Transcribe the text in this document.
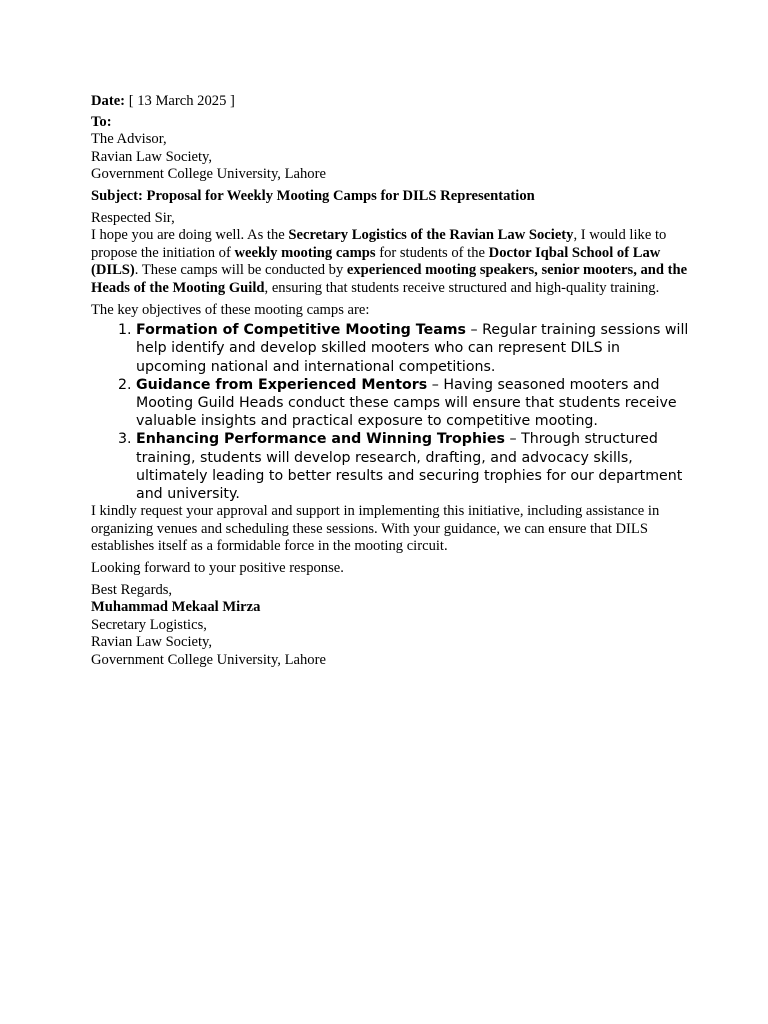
Date: [ 13 March 2025 ]
To:
The Advisor,
Ravian Law Society,
Government College University, Lahore
Subject: Proposal for Weekly Mooting Camps for DILS Representation
Respected Sir,

I hope you are doing well. As the Secretary Logistics of the Ravian Law Society, I would like to propose the initiation of weekly mooting camps for students of the Doctor Iqbal School of Law (DILS). These camps will be conducted by experienced mooting speakers, senior mooters, and the Heads of the Mooting Guild, ensuring that students receive structured and high-quality training.

The key objectives of these mooting camps are:
1. Formation of Competitive Mooting Teams – Regular training sessions will help identify and develop skilled mooters who can represent DILS in upcoming national and international competitions.
2. Guidance from Experienced Mentors – Having seasoned mooters and Mooting Guild Heads conduct these camps will ensure that students receive valuable insights and practical exposure to competitive mooting.
3. Enhancing Performance and Winning Trophies – Through structured training, students will develop research, drafting, and advocacy skills, ultimately leading to better results and securing trophies for our department and university.

I kindly request your approval and support in implementing this initiative, including assistance in organizing venues and scheduling these sessions. With your guidance, we can ensure that DILS establishes itself as a formidable force in the mooting circuit.

Looking forward to your positive response.
Best Regards,
Muhammad Mekaal Mirza
Secretary Logistics,
Ravian Law Society,
Government College University, Lahore
